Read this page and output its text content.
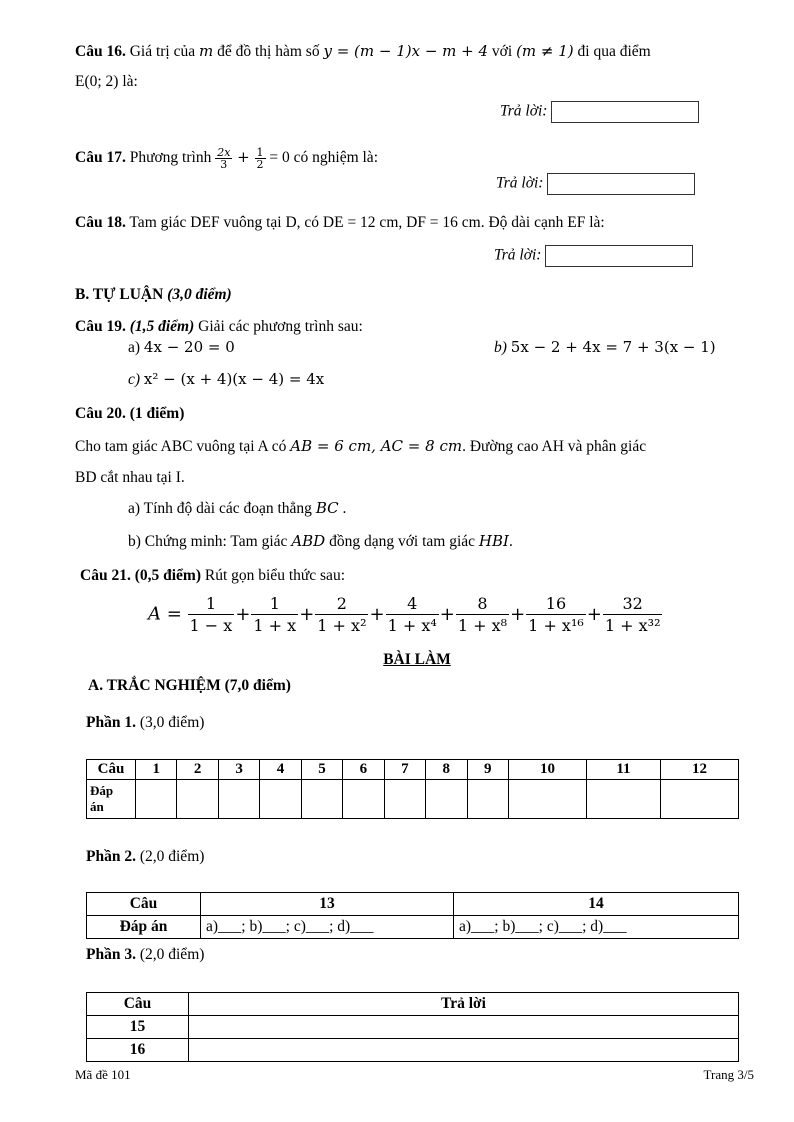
Câu 16. Giá trị của m để đồ thị hàm số y = (m − 1)x − m + 4 với (m ≠ 1) đi qua điểm
E(0; 2) là:
Trả lời:
Câu 17. Phương trình $\frac{2x}{3} + \frac{1}{2} = 0$ có nghiệm là:
Trả lời:
Câu 18. Tam giác DEF vuông tại D, có DE = 12 cm, DF = 16 cm. Độ dài cạnh EF là:
Trả lời:
B. TỰ LUẬN (3,0 điểm)
Câu 19. (1,5 điểm) Giải các phương trình sau:
a) 4x − 20 = 0	b) 5x − 2 + 4x = 7 + 3(x − 1)
c) x² − (x + 4)(x − 4) = 4x
Câu 20. (1 điểm)
Cho tam giác ABC vuông tại A có AB = 6 cm, AC = 8 cm. Đường cao AH và phân giác
BD cắt nhau tại I.
a) Tính độ dài các đoạn thẳng BC .
b) Chứng minh: Tam giác ABD đồng dạng với tam giác HBI.
Câu 21. (0,5 điểm) Rút gọn biểu thức sau:
$A = \frac{1}{1 - x} + \frac{1}{1 + x} + \frac{2}{\text{1 + x²}} + \frac{4}{\text{1 + x⁴}} + \frac{8}{\text{1 + x⁸}} + \frac{16}{\text{1 + x¹⁶}} + \frac{32}{\text{1 + x³²}}$
BÀI LÀM
A. TRẮC NGHIỆM (7,0 điểm)
Phần 1. (3,0 điểm)
Câu	1	2	3	4	5	6	7	8	9	10	11	12
Đáp
án												
Phần 2. (2,0 điểm)
Câu	13	14
Đáp án	a)___; b)___; c)___; d)___	a)___; b)___; c)___; d)___
Phần 3. (2,0 điểm)
Câu	Trả lời
15	
16	
Mã đề 101	Trang 3/5
